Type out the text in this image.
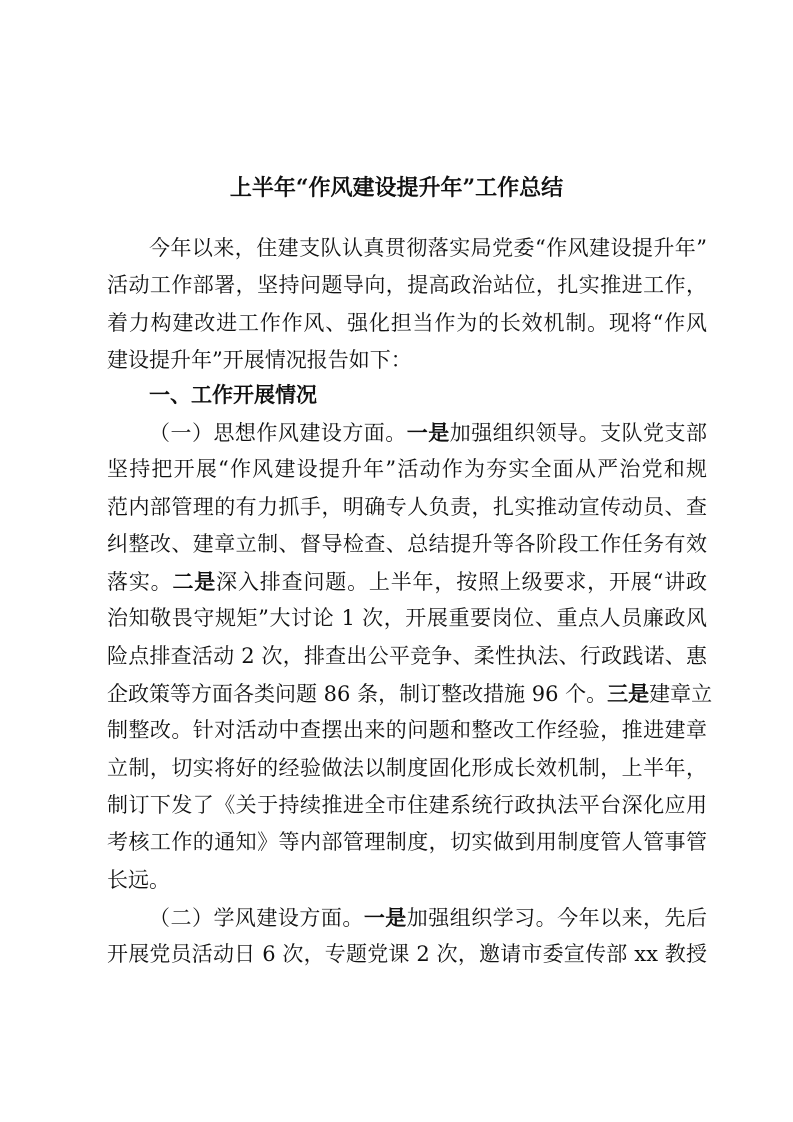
上半年“作风建设提升年”工作总结
今年以来，住建支队认真贯彻落实局党委“作风建设提升年”
活动工作部署，坚持问题导向，提高政治站位，扎实推进工作，
着力构建改进工作作风、强化担当作为的长效机制。现将“作风
建设提升年”开展情况报告如下：
一、工作开展情况
（一）思想作风建设方面。一是加强组织领导。支队党支部
坚持把开展“作风建设提升年”活动作为夯实全面从严治党和规
范内部管理的有力抓手，明确专人负责，扎实推动宣传动员、查
纠整改、建章立制、督导检查、总结提升等各阶段工作任务有效
落实。二是深入排查问题。上半年，按照上级要求，开展“讲政
治知敬畏守规矩”大讨论 1 次，开展重要岗位、重点人员廉政风
险点排查活动 2 次，排查出公平竞争、柔性执法、行政践诺、惠
企政策等方面各类问题 86 条，制订整改措施 96 个。三是建章立
制整改。针对活动中查摆出来的问题和整改工作经验，推进建章
立制，切实将好的经验做法以制度固化形成长效机制，上半年，
制订下发了《关于持续推进全市住建系统行政执法平台深化应用
考核工作的通知》等内部管理制度，切实做到用制度管人管事管
长远。
（二）学风建设方面。一是加强组织学习。今年以来，先后
开展党员活动日 6 次，专题党课 2 次，邀请市委宣传部 xx 教授
